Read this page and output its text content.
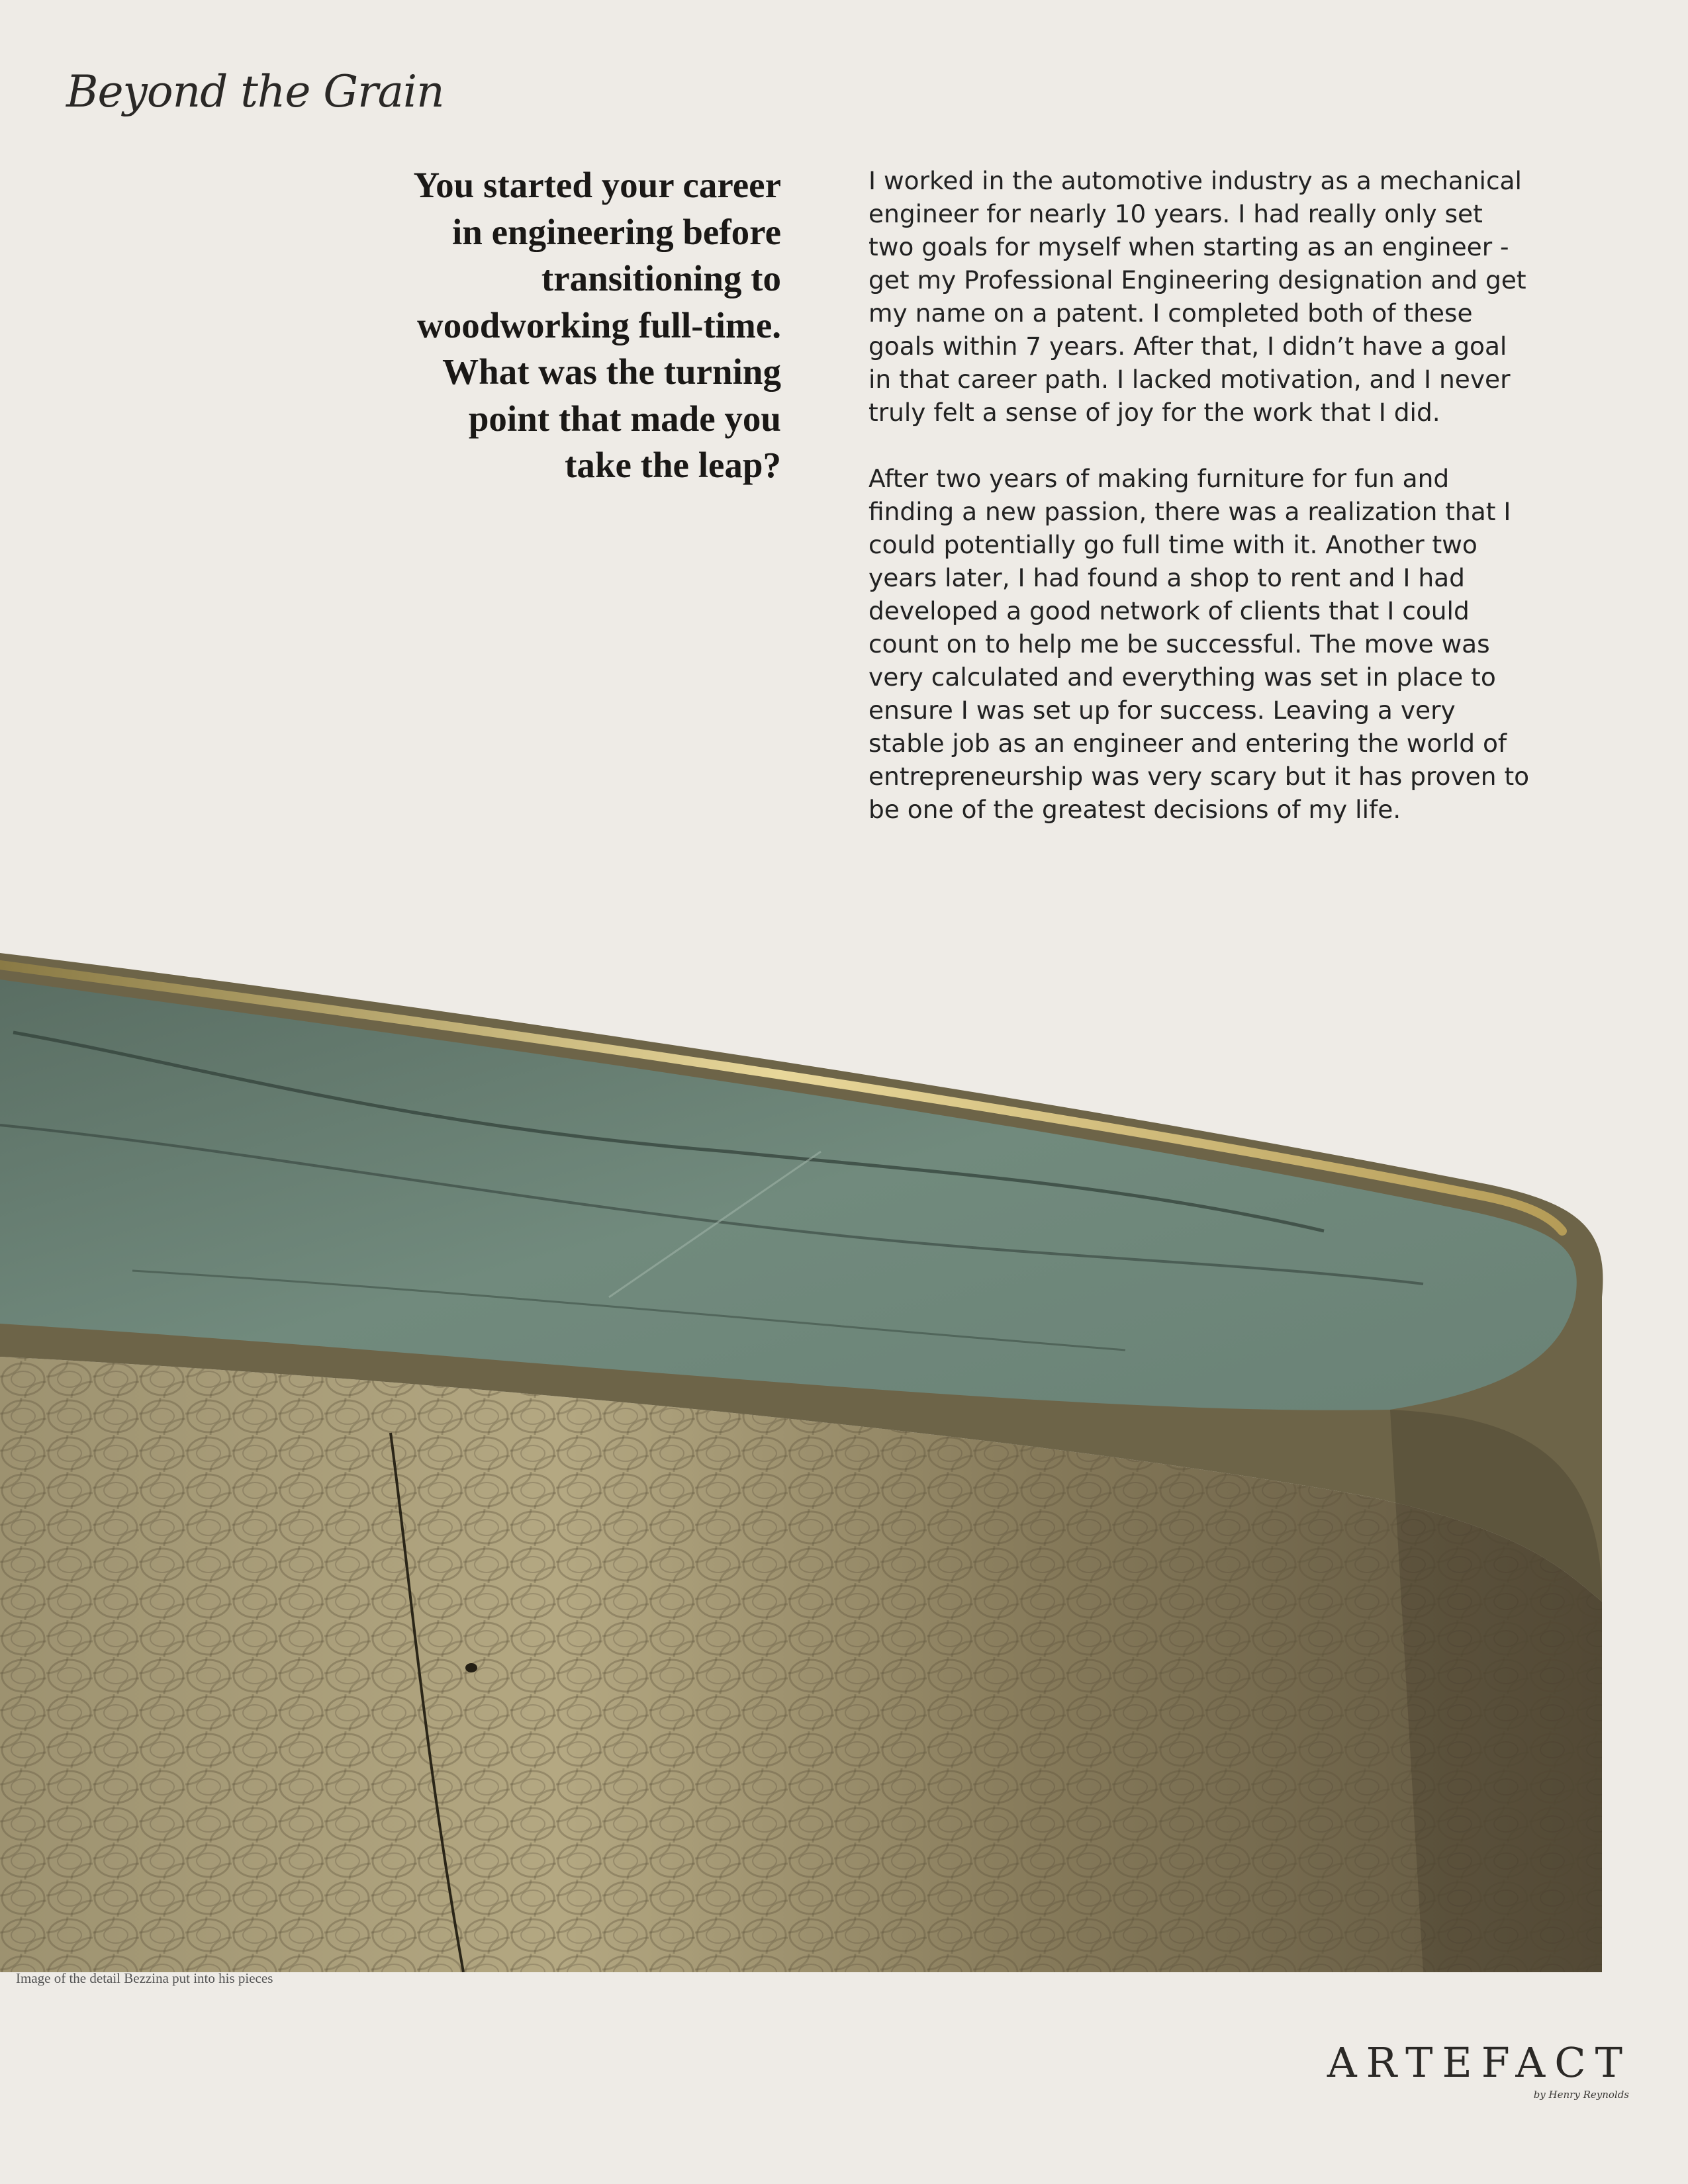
Beyond the Grain
You started your career in engineering before transitioning to woodworking full-time. What was the turning point that made you take the leap?

I worked in the automotive industry as a mechanical engineer for nearly 10 years. I had really only set two goals for myself when starting as an engineer - get my Professional Engineering designation and get my name on a patent. I completed both of these goals within 7 years. After that, I didn’t have a goal in that career path. I lacked motivation, and I never truly felt a sense of joy for the work that I did.

After two years of making furniture for fun and finding a new passion, there was a realization that I could potentially go full time with it. Another two years later, I had found a shop to rent and I had developed a good network of clients that I could count on to help me be successful. The move was very calculated and everything was set in place to ensure I was set up for success. Leaving a very stable job as an engineer and entering the world of entrepreneurship was very scary but it has proven to be one of the greatest decisions of my life.

Image of the detail Bezzina put into his pieces

ARTEFACT
by Henry Reynolds
